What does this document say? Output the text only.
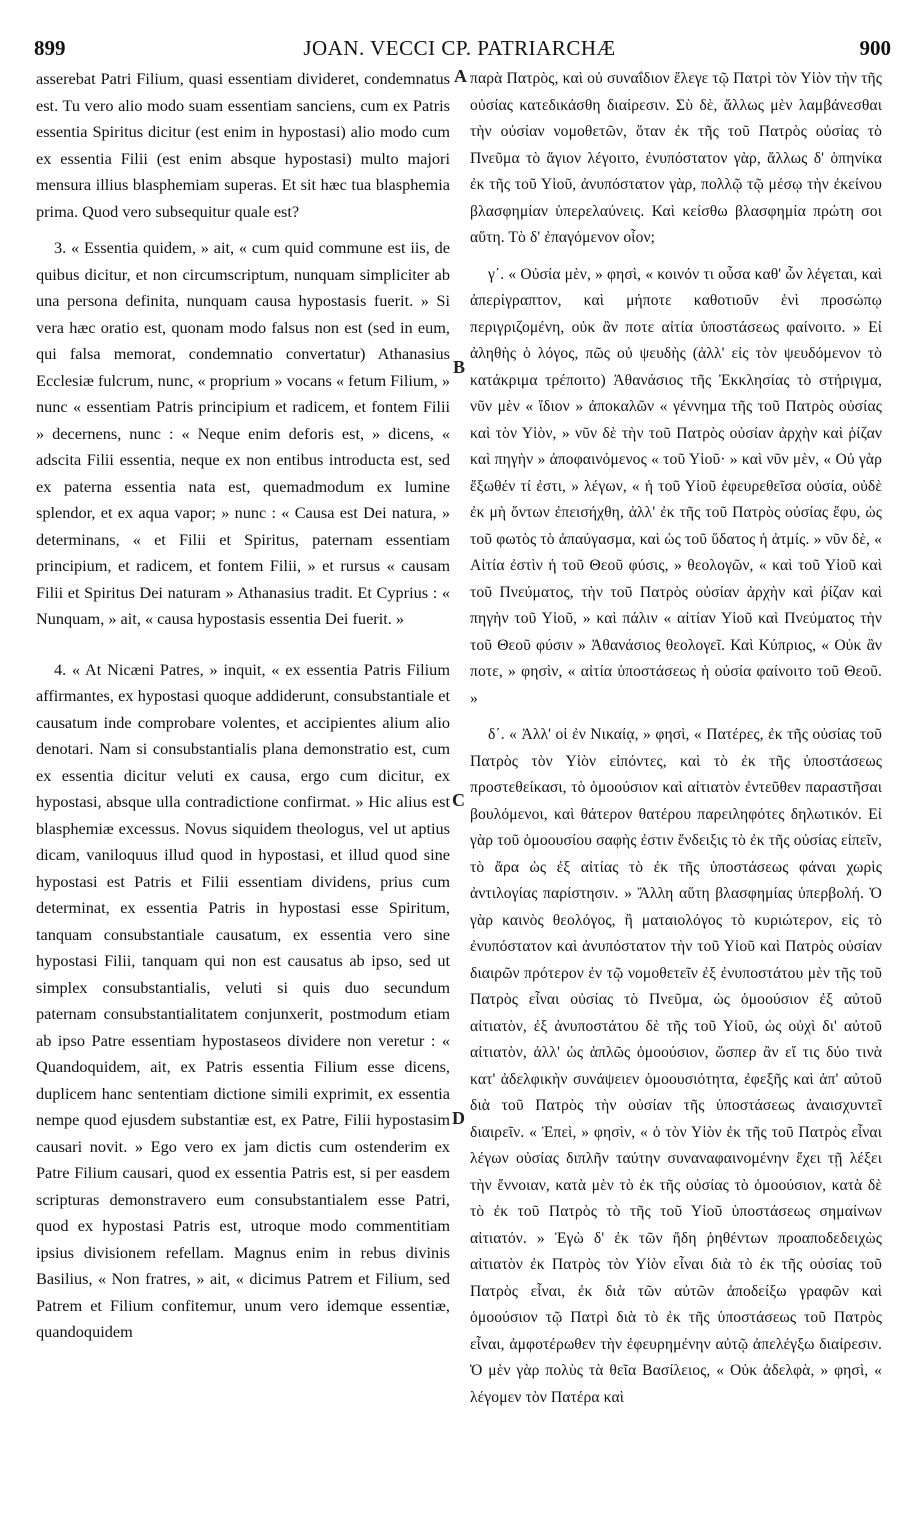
899	JOAN. VECCI CP. PATRIARCHÆ	900
A
B
C
D

asserebat Patri Filium, quasi essentiam divideret, condemnatus est. Tu vero alio modo suam essentiam sanciens, cum ex Patris essentia Spiritus dicitur (est enim in hypostasi) alio modo cum ex essentia Filii (est enim absque hypostasi) multo majori mensura illius blasphemiam superas. Et sit hæc tua blasphemia prima. Quod vero subsequitur quale est?

3. « Essentia quidem, » ait, « cum quid commune est iis, de quibus dicitur, et non circumscriptum, nunquam simpliciter ab una persona definita, nunquam causa hypostasis fuerit. » Si vera hæc oratio est, quonam modo falsus non est (sed in eum, qui falsa memorat, condemnatio convertatur) Athanasius Ecclesiæ fulcrum, nunc, « proprium » vocans « fetum Filium, » nunc « essentiam Patris principium et radicem, et fontem Filii » decernens, nunc : « Neque enim deforis est, » dicens, « adscita Filii essentia, neque ex non entibus introducta est, sed ex paterna essentia nata est, quemadmodum ex lumine splendor, et ex aqua vapor; » nunc : « Causa est Dei natura, » determinans, « et Filii et Spiritus, paternam essentiam principium, et radicem, et fontem Filii, » et rursus « causam Filii et Spiritus Dei naturam » Athanasius tradit. Et Cyprius : « Nunquam, » ait, « causa hypostasis essentia Dei fuerit. »

4. « At Nicæni Patres, » inquit, « ex essentia Patris Filium affirmantes, ex hypostasi quoque addiderunt, consubstantiale et causatum inde comprobare volentes, et accipientes alium alio denotari. Nam si consubstantialis plana demonstratio est, cum ex essentia dicitur veluti ex causa, ergo cum dicitur, ex hypostasi, absque ulla contradictione confirmat. » Hic alius est blasphemiæ excessus. Novus siquidem theologus, vel ut aptius dicam, vaniloquus illud quod in hypostasi, et illud quod sine hypostasi est Patris et Filii essentiam dividens, prius cum determinat, ex essentia Patris in hypostasi esse Spiritum, tanquam consubstantiale causatum, ex essentia vero sine hypostasi Filii, tanquam qui non est causatus ab ipso, sed ut simplex consubstantialis, veluti si quis duo secundum paternam consubstantialitatem conjunxerit, postmodum etiam ab ipso Patre essentiam hypostaseos dividere non veretur : « Quandoquidem, ait, ex Patris essentia Filium esse dicens, duplicem hanc sententiam dictione simili exprimit, ex essentia nempe quod ejusdem substantiæ est, ex Patre, Filii hypostasim causari novit. » Ego vero ex jam dictis cum ostenderim ex Patre Filium causari, quod ex essentia Patris est, si per easdem scripturas demonstravero eum consubstantialem esse Patri, quod ex hypostasi Patris est, utroque modo commentitiam ipsius divisionem refellam. Magnus enim in rebus divinis Basilius, « Non fratres, » ait, « dicimus Patrem et Filium, sed Patrem et Filium confitemur, unum vero idemque essentiæ, quandoquidem

παρὰ Πατρὸς, καὶ οὐ συναΐδιον ἔλεγε τῷ Πατρὶ τὸν Υἱὸν τὴν τῆς οὐσίας κατεδικάσθη διαίρεσιν. Σὺ δὲ, ἄλλως μὲν λαμβάνεσθαι τὴν οὐσίαν νομοθετῶν, ὅταν ἐκ τῆς τοῦ Πατρὸς οὐσίας τὸ Πνεῦμα τὸ ἅγιον λέγοιτο, ἐνυπόστατον γὰρ, ἄλλως δ' ὁπηνίκα ἐκ τῆς τοῦ Υἱοῦ, ἀνυπόστατον γὰρ, πολλῷ τῷ μέσῳ τὴν ἐκείνου βλασφημίαν ὑπερελαύνεις. Καὶ κείσθω βλασφημία πρώτη σοι αὕτη. Τὸ δ' ἐπαγόμενον οἷον;

γ΄. « Οὐσία μὲν, » φησὶ, « κοινόν τι οὖσα καθ' ὧν λέγεται, καὶ ἀπερίγραπτον, καὶ μήποτε καθοτιοῦν ἑνὶ προσώπῳ περιγριζομένη, οὐκ ἂν ποτε αἰτία ὑποστάσεως φαίνοιτο. » Εἰ ἀληθὴς ὁ λόγος, πῶς οὐ ψευδὴς (ἀλλ' εἰς τὸν ψευδόμενον τὸ κατάκριμα τρέποιτο) Ἀθανάσιος τῆς Ἐκκλησίας τὸ στήριγμα, νῦν μὲν « ἴδιον » ἀποκαλῶν « γέννημα τῆς τοῦ Πατρὸς οὐσίας καὶ τὸν Υἱὸν, » νῦν δὲ τὴν τοῦ Πατρὸς οὐσίαν ἀρχὴν καὶ ῥίζαν καὶ πηγὴν » ἀποφαινόμενος « τοῦ Υἱοῦ· » καὶ νῦν μὲν, « Οὐ γὰρ ἔξωθέν τί ἐστι, » λέγων, « ἡ τοῦ Υἱοῦ ἐφευρεθεῖσα οὐσία, οὐδὲ ἐκ μὴ ὄντων ἐπεισήχθη, ἀλλ' ἐκ τῆς τοῦ Πατρὸς οὐσίας ἔφυ, ὡς τοῦ φωτὸς τὸ ἀπαύγασμα, καὶ ὡς τοῦ ὕδατος ἡ ἀτμίς. » νῦν δὲ, « Αἰτία ἐστὶν ἡ τοῦ Θεοῦ φύσις, » θεολογῶν, « καὶ τοῦ Υἱοῦ καὶ τοῦ Πνεύματος, τὴν τοῦ Πατρὸς οὐσίαν ἀρχὴν καὶ ῥίζαν καὶ πηγὴν τοῦ Υἱοῦ, » καὶ πάλιν « αἰτίαν Υἱοῦ καὶ Πνεύματος τὴν τοῦ Θεοῦ φύσιν » Ἀθανάσιος θεολογεῖ. Καὶ Κύπριος, « Οὐκ ἂν ποτε, » φησὶν, « αἰτία ὑποστάσεως ἡ οὐσία φαίνοιτο τοῦ Θεοῦ. »

δ΄. « Ἀλλ' οἱ ἐν Νικαίᾳ, » φησὶ, « Πατέρες, ἐκ τῆς οὐσίας τοῦ Πατρὸς τὸν Υἱὸν εἰπόντες, καὶ τὸ ἐκ τῆς ὑποστάσεως προστεθείκασι, τὸ ὁμοούσιον καὶ αἰτιατὸν ἐντεῦθεν παραστῆσαι βουλόμενοι, καὶ θάτερον θατέρου παρειληφότες δηλωτικόν. Εἰ γὰρ τοῦ ὁμοουσίου σαφὴς ἐστιν ἔνδειξις τὸ ἐκ τῆς οὐσίας εἰπεῖν, τὸ ἄρα ὡς ἐξ αἰτίας τὸ ἐκ τῆς ὑποστάσεως φάναι χωρὶς ἀντιλογίας παρίστησιν. » Ἄλλη αὕτη βλασφημίας ὑπερβολή. Ὁ γὰρ καινὸς θεολόγος, ἢ ματαιολόγος τὸ κυριώτερον, εἰς τὸ ἐνυπόστατον καὶ ἀνυπόστατον τὴν τοῦ Υἱοῦ καὶ Πατρὸς οὐσίαν διαιρῶν πρότερον ἐν τῷ νομοθετεῖν ἐξ ἐνυποστάτου μὲν τῆς τοῦ Πατρὸς εἶναι οὐσίας τὸ Πνεῦμα, ὡς ὁμοούσιον ἐξ αὐτοῦ αἰτιατὸν, ἐξ ἀνυποστάτου δὲ τῆς τοῦ Υἱοῦ, ὡς οὐχὶ δι' αὐτοῦ αἰτιατὸν, ἀλλ' ὡς ἁπλῶς ὁμοούσιον, ὥσπερ ἂν εἴ τις δύο τινὰ κατ' ἀδελφικὴν συνάψειεν ὁμοουσιότητα, ἐφεξῆς καὶ ἀπ' αὐτοῦ διὰ τοῦ Πατρὸς τὴν οὐσίαν τῆς ὑποστάσεως ἀναισχυντεῖ διαιρεῖν. « Ἐπεὶ, » φησὶν, « ὁ τὸν Υἱὸν ἐκ τῆς τοῦ Πατρὸς εἶναι λέγων οὐσίας διπλῆν ταύτην συναναφαινομένην ἔχει τῇ λέξει τὴν ἔννοιαν, κατὰ μὲν τὸ ἐκ τῆς οὐσίας τὸ ὁμοούσιον, κατὰ δὲ τὸ ἐκ τοῦ Πατρὸς τὸ τῆς τοῦ Υἱοῦ ὑποστάσεως σημαίνων αἰτιατόν. » Ἐγὼ δ' ἐκ τῶν ἤδη ῥηθέντων προαποδεδειχὼς αἰτιατὸν ἐκ Πατρὸς τὸν Υἱὸν εἶναι διὰ τὸ ἐκ τῆς οὐσίας τοῦ Πατρὸς εἶναι, ἐκ διὰ τῶν αὐτῶν ἀποδείξω γραφῶν καὶ ὁμοούσιον τῷ Πατρὶ διὰ τὸ ἐκ τῆς ὑποστάσεως τοῦ Πατρὸς εἶναι, ἀμφοτέρωθεν τὴν ἐφευρημένην αὐτῷ ἀπελέγξω διαίρεσιν. Ὁ μὲν γὰρ πολὺς τὰ θεῖα Βασίλειος, « Οὐκ ἀδελφὰ, » φησὶ, « λέγομεν τὸν Πατέρα καὶ
